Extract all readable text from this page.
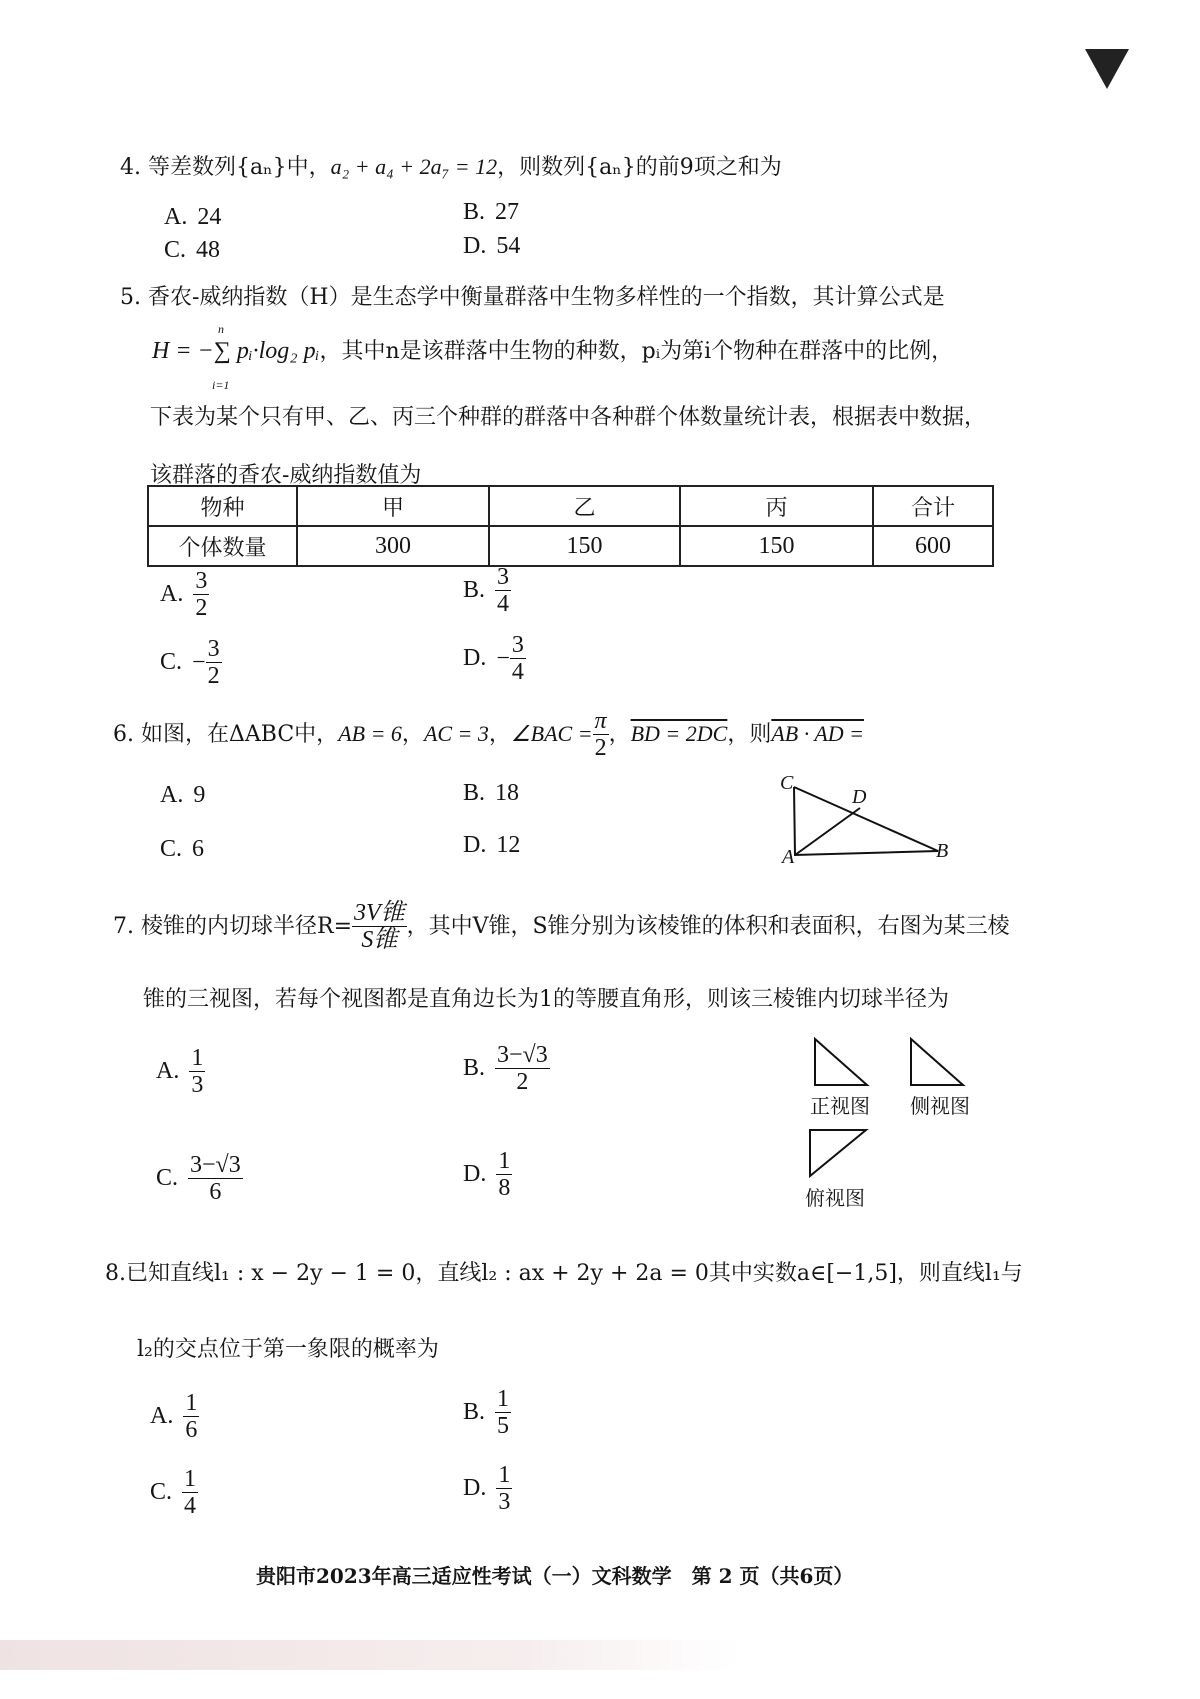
4. 等差数列{aₙ}中，a₂ + a₄ + 2a₇ = 12，则数列{aₙ}的前9项之和为
A. 24	B. 27
C. 48	D. 54
5. 香农-威纳指数（H）是生态学中衡量群落中生物多样性的一个指数，其计算公式是
H = −∑ pᵢ·log₂ pᵢ，其中n是该群落中生物的种数，pᵢ为第i个物种在群落中的比例，
n
i=1
下表为某个只有甲、乙、丙三个种群的群落中各种群个体数量统计表，根据表中数据，
该群落的香农-威纳指数值为
物种	甲	乙	丙	合计
个体数量	300	150	150	600
A. $\frac{3}{2}$	B. $\frac{3}{4}$
C. − $\frac{3}{2}$	D. − $\frac{3}{4}$
6. 如图，在ΔABC中，AB = 6，AC = 3，∠BAC = $\frac{\pi}{2}$ ，BD = 2DC，则AB · AD =
A. 9	B. 18
C. 6	D. 12
C
D
A	B
7. 棱锥的内切球半径$R= \frac{\text{3V锥}}{\text{S锥}}$ ，其中V锥，S锥分别为该棱锥的体积和表面积，右图为某三棱
锥的三视图，若每个视图都是直角边长为1的等腰直角形，则该三棱锥内切球半径为
A. $\frac{1}{3}$	B. $\frac{3-√3}{2}$
C. $\frac{3-√3}{6}$	D. $\frac{1}{8}$
正视图 侧视图
俯视图
8.已知直线l₁ : x − 2y − 1 = 0，直线l₂ : ax + 2y + 2a = 0其中实数a∈[−1,5]，则直线l₁与
l₂的交点位于第一象限的概率为
A. $\frac{1}{6}$	B. $\frac{1}{5}$
C. $\frac{1}{4}$	D. $\frac{1}{3}$
贵阳市2023年高三适应性考试（一）文科数学　第 2 页（共6页）
